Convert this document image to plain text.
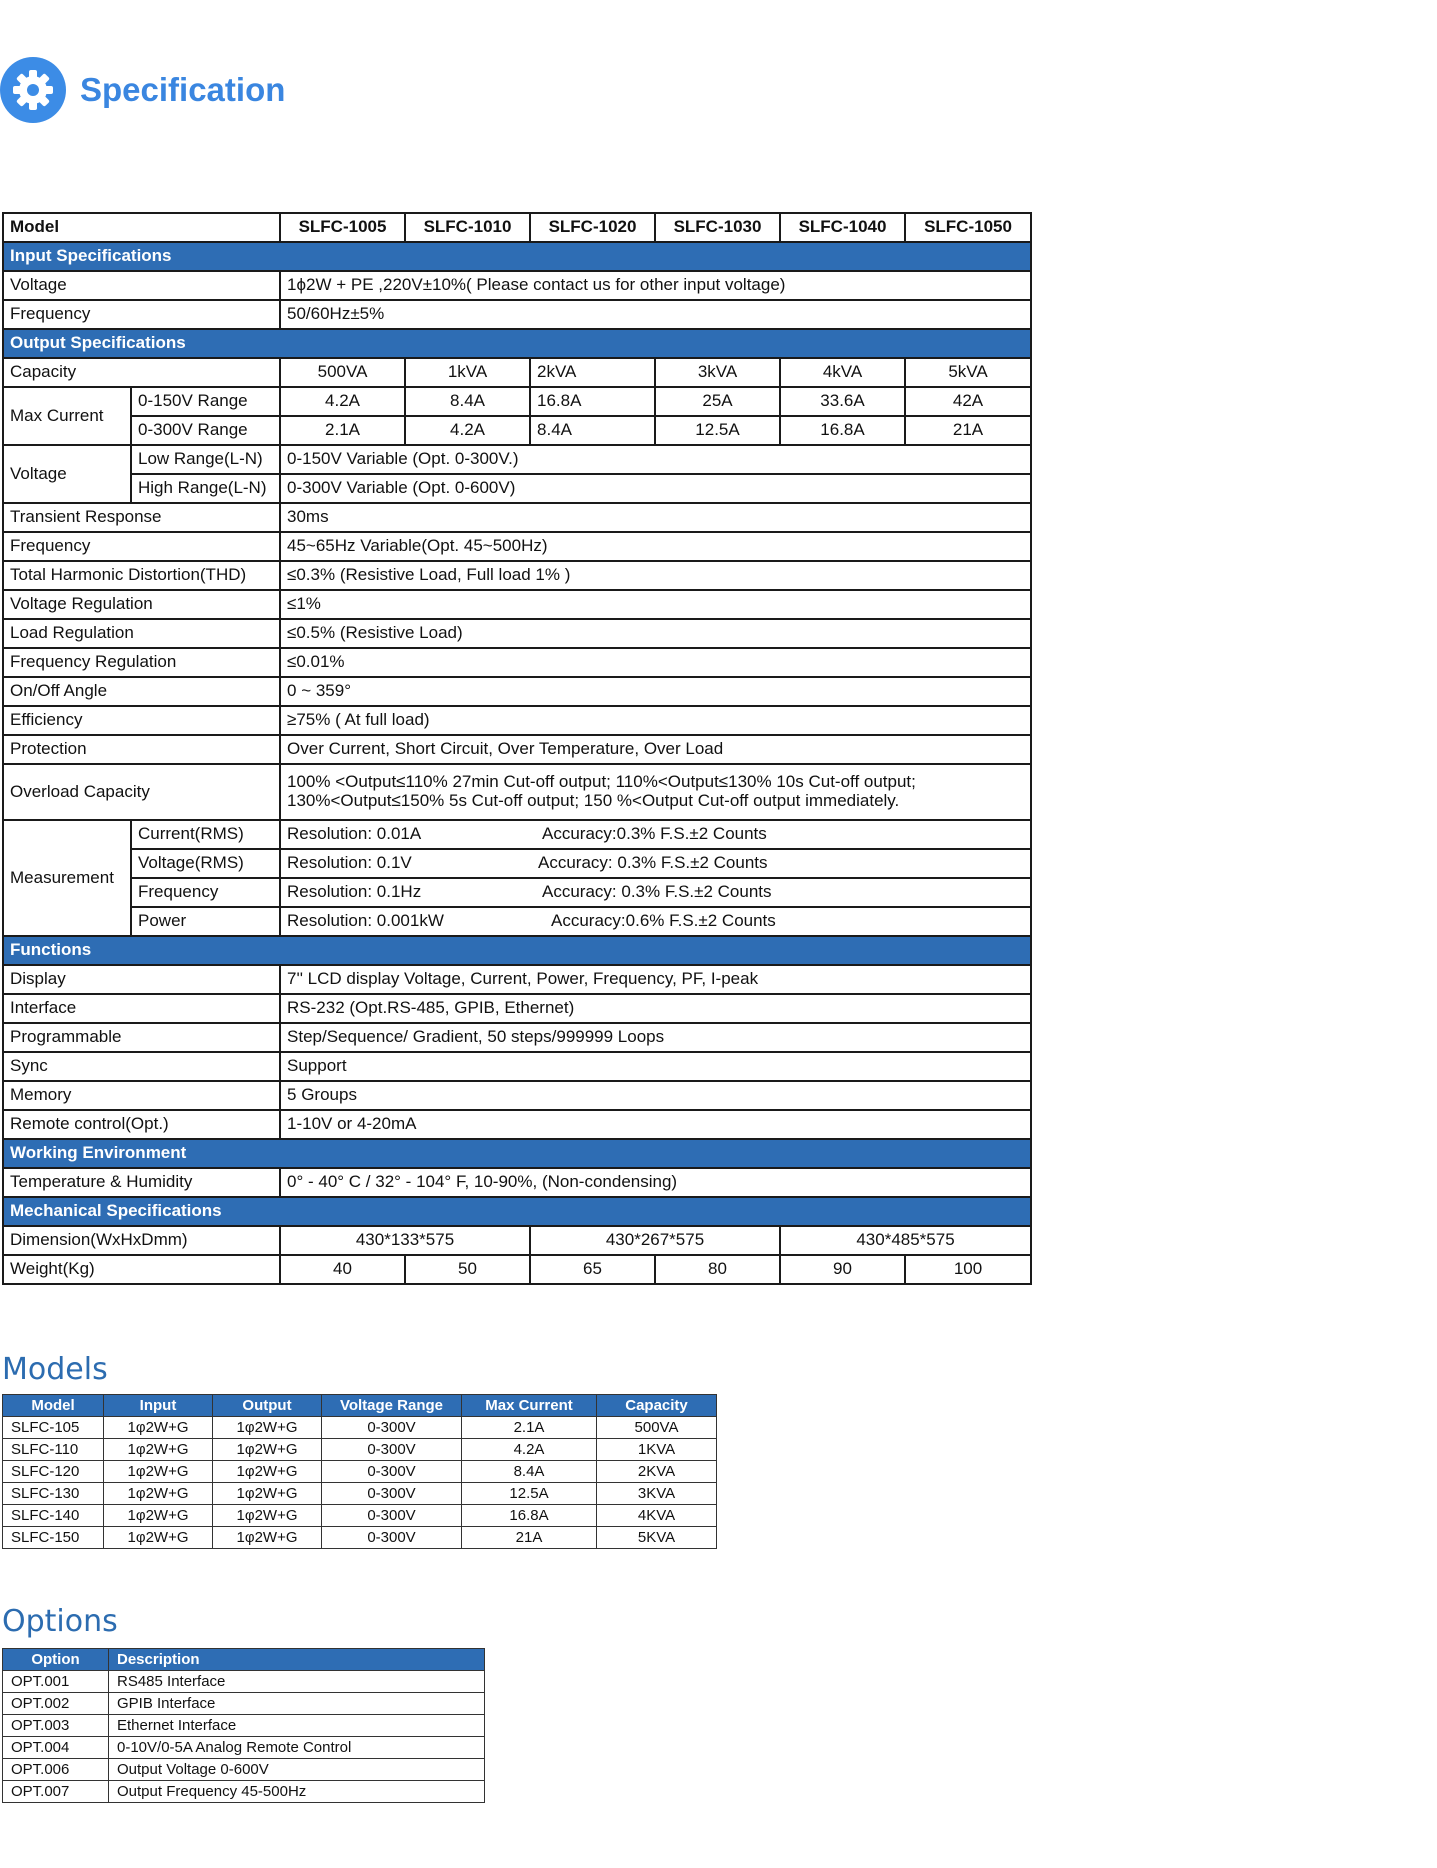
Specification
Model		SLFC-1005	SLFC-1010	SLFC-1020	SLFC-1030	SLFC-1040	SLFC-1050
Input Specifications							
Voltage		1ϕ2W + PE ,220V±10%( Please contact us for other input voltage)					
Frequency		50/60Hz±5%					
Output Specifications							
Capacity		500VA	1kVA	2kVA	3kVA	4kVA	5kVA
Max Current	0-150V Range	4.2A	8.4A	16.8A	25A	33.6A	42A
	0-300V Range	2.1A	4.2A	8.4A	12.5A	16.8A	21A
Voltage	Low Range(L-N)	0-150V Variable (Opt. 0-300V.)					
	High Range(L-N)	0-300V Variable (Opt. 0-600V)					
Transient Response		30ms					
Frequency		45~65Hz Variable(Opt. 45~500Hz)					
Total Harmonic Distortion(THD)		≤0.3% (Resistive Load, Full load 1% )					
Voltage Regulation		≤1%					
Load Regulation		≤0.5% (Resistive Load)					
Frequency Regulation		≤0.01%					
On/Off Angle		0 ~ 359°					
Efficiency		≥75% ( At full load)					
Protection		Over Current, Short Circuit, Over Temperature, Over Load					
Overload Capacity		100% <Output≤110% 27min Cut-off output; 110%<Output≤130% 10s Cut-off output;
130%<Output≤150% 5s Cut-off output; 150 %<Output Cut-off output immediately.					

Measurement	Current(RMS)	Resolution: 0.01A Accuracy:0.3% F.S.±2 Counts					

	Voltage(RMS)	Resolution: 0.1V Accuracy: 0.3% F.S.±2 Counts					

	Frequency	Resolution: 0.1Hz Accuracy: 0.3% F.S.±2 Counts					

	Power	Resolution: 0.001kW Accuracy:0.6% F.S.±2 Counts					

Functions							
Display		7'' LCD display Voltage, Current, Power, Frequency, PF, I-peak					
Interface		RS-232 (Opt.RS-485, GPIB, Ethernet)					
Programmable		Step/Sequence/ Gradient, 50 steps/999999 Loops					
Sync		Support					
Memory		5 Groups					
Remote control(Opt.)		1-10V or 4-20mA					
Working Environment							
Temperature & Humidity		0° - 40° C / 32° - 104° F, 10-90%, (Non-condensing)					
Mechanical Specifications							
Dimension(WxHxDmm)		430*133*575		430*267*575		430*485*575	
Weight(Kg)		40	50	65	80	90	100
Models
Model	Input	Output	Voltage Range	Max Current	Capacity
SLFC-105	1φ2W+G	1φ2W+G	0-300V	2.1A	500VA
SLFC-110	1φ2W+G	1φ2W+G	0-300V	4.2A	1KVA
SLFC-120	1φ2W+G	1φ2W+G	0-300V	8.4A	2KVA
SLFC-130	1φ2W+G	1φ2W+G	0-300V	12.5A	3KVA
SLFC-140	1φ2W+G	1φ2W+G	0-300V	16.8A	4KVA
SLFC-150	1φ2W+G	1φ2W+G	0-300V	21A	5KVA
Options
Option	Description
OPT.001	RS485 Interface
OPT.002	GPIB Interface
OPT.003	Ethernet Interface
OPT.004	0-10V/0-5A Analog Remote Control
OPT.006	Output Voltage 0-600V
OPT.007	Output Frequency 45-500Hz
